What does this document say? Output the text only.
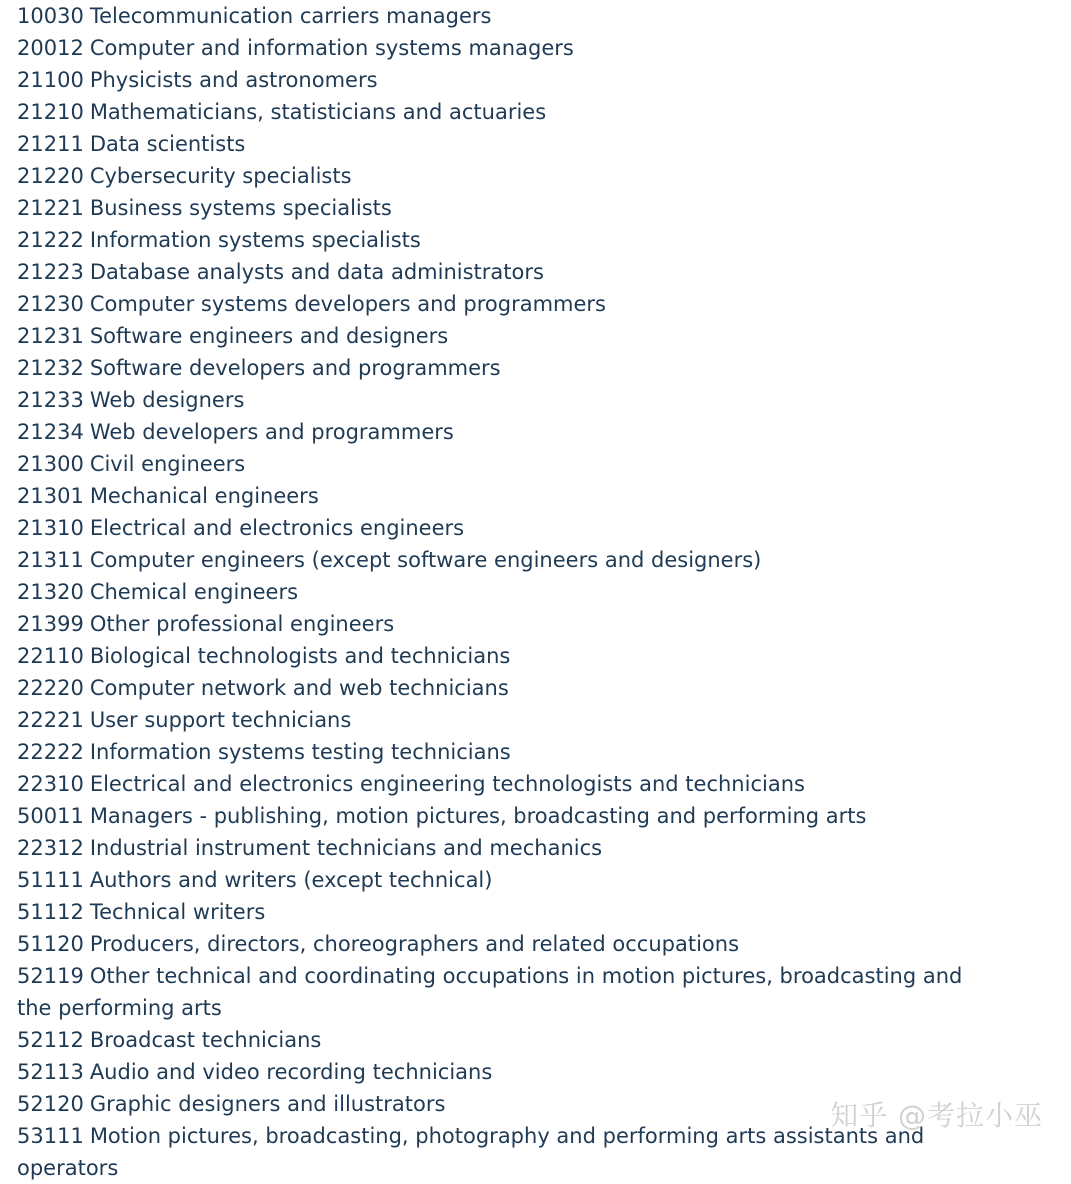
10030 Telecommunication carriers managers
20012 Computer and information systems managers
21100 Physicists and astronomers
21210 Mathematicians, statisticians and actuaries
21211 Data scientists
21220 Cybersecurity specialists
21221 Business systems specialists
21222 Information systems specialists
21223 Database analysts and data administrators
21230 Computer systems developers and programmers
21231 Software engineers and designers
21232 Software developers and programmers
21233 Web designers
21234 Web developers and programmers
21300 Civil engineers
21301 Mechanical engineers
21310 Electrical and electronics engineers
21311 Computer engineers (except software engineers and designers)
21320 Chemical engineers
21399 Other professional engineers
22110 Biological technologists and technicians
22220 Computer network and web technicians
22221 User support technicians
22222 Information systems testing technicians
22310 Electrical and electronics engineering technologists and technicians
50011 Managers - publishing, motion pictures, broadcasting and performing arts
22312 Industrial instrument technicians and mechanics
51111 Authors and writers (except technical)
51112 Technical writers
51120 Producers, directors, choreographers and related occupations
52119 Other technical and coordinating occupations in motion pictures, broadcasting and the performing arts
52112 Broadcast technicians
52113 Audio and video recording technicians
52120 Graphic designers and illustrators
53111 Motion pictures, broadcasting, photography and performing arts assistants and operators
知乎 @考拉小巫
